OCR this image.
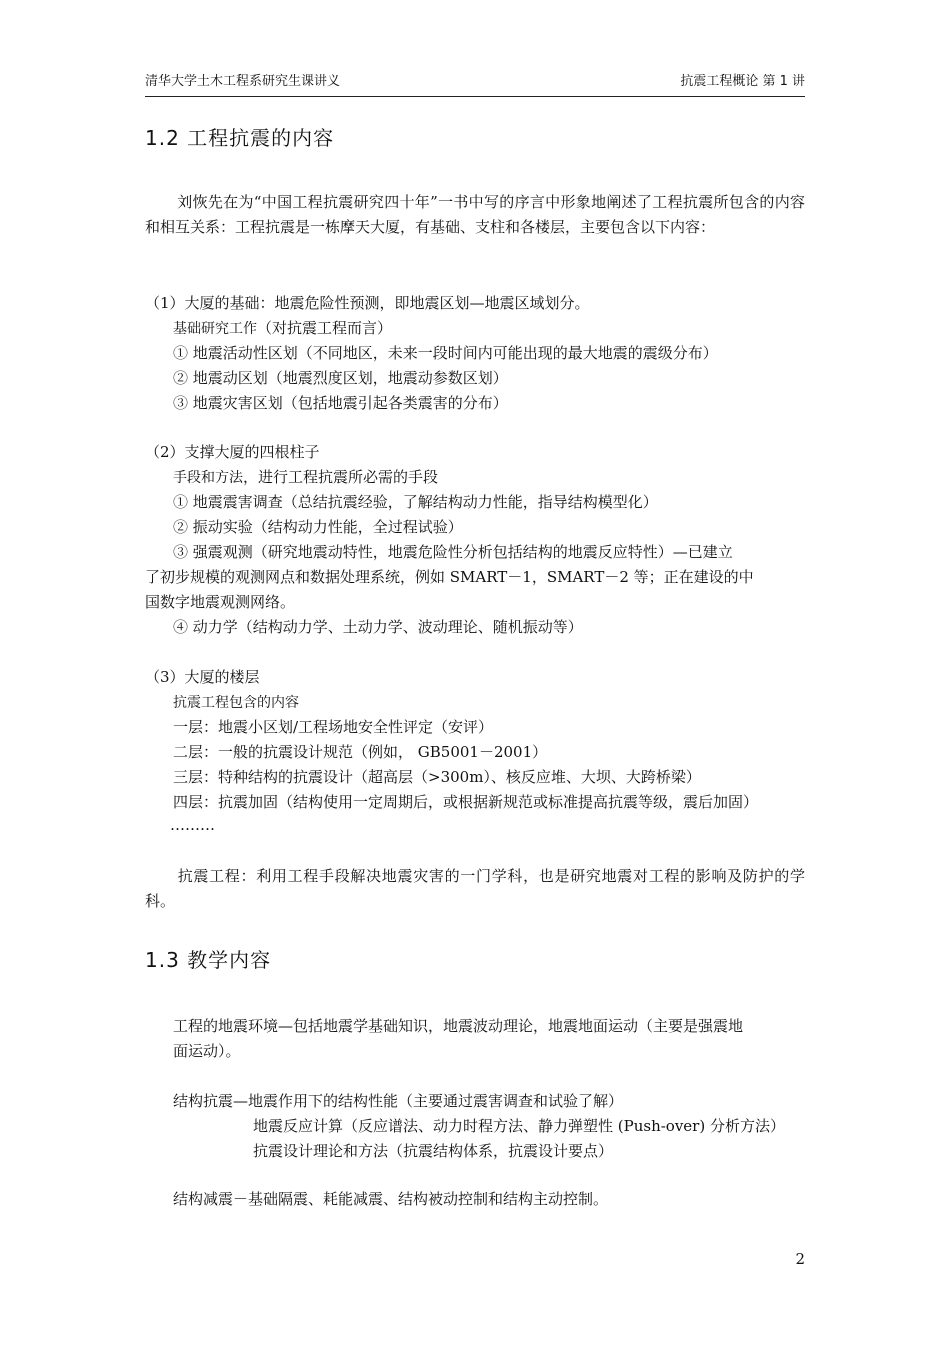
清华大学土木工程系研究生课讲义	抗震工程概论 第 1 讲
1.2 工程抗震的内容
刘恢先在为“中国工程抗震研究四十年”一书中写的序言中形象地阐述了工程抗震所包含的内容和相互关系：工程抗震是一栋摩天大厦，有基础、支柱和各楼层，主要包含以下内容：
（1）大厦的基础：地震危险性预测，即地震区划—地震区域划分。
基础研究工作（对抗震工程而言）
① 地震活动性区划（不同地区，未来一段时间内可能出现的最大地震的震级分布）
② 地震动区划（地震烈度区划，地震动参数区划）
③ 地震灾害区划（包括地震引起各类震害的分布）
（2）支撑大厦的四根柱子
手段和方法，进行工程抗震所必需的手段
① 地震震害调查（总结抗震经验，了解结构动力性能，指导结构模型化）
② 振动实验（结构动力性能，全过程试验）
③ 强震观测（研究地震动特性，地震危险性分析包括结构的地震反应特性）—已建立
了初步规模的观测网点和数据处理系统，例如 SMART－1，SMART－2 等；正在建设的中
国数字地震观测网络。
④ 动力学（结构动力学、土动力学、波动理论、随机振动等）
（3）大厦的楼层
抗震工程包含的内容
一层：地震小区划/工程场地安全性评定（安评）
二层：一般的抗震设计规范（例如， GB5001－2001）
三层：特种结构的抗震设计（超高层（>300m）、核反应堆、大坝、大跨桥梁）
四层：抗震加固（结构使用一定周期后，或根据新规范或标准提高抗震等级，震后加固）
………
抗震工程：利用工程手段解决地震灾害的一门学科，也是研究地震对工程的影响及防护的学科。
1.3 教学内容
工程的地震环境—包括地震学基础知识，地震波动理论，地震地面运动（主要是强震地
面运动）。
结构抗震—地震作用下的结构性能（主要通过震害调查和试验了解）
地震反应计算（反应谱法、动力时程方法、静力弹塑性 (Push-over) 分析方法）
抗震设计理论和方法（抗震结构体系，抗震设计要点）
结构减震－基础隔震、耗能减震、结构被动控制和结构主动控制。
2
